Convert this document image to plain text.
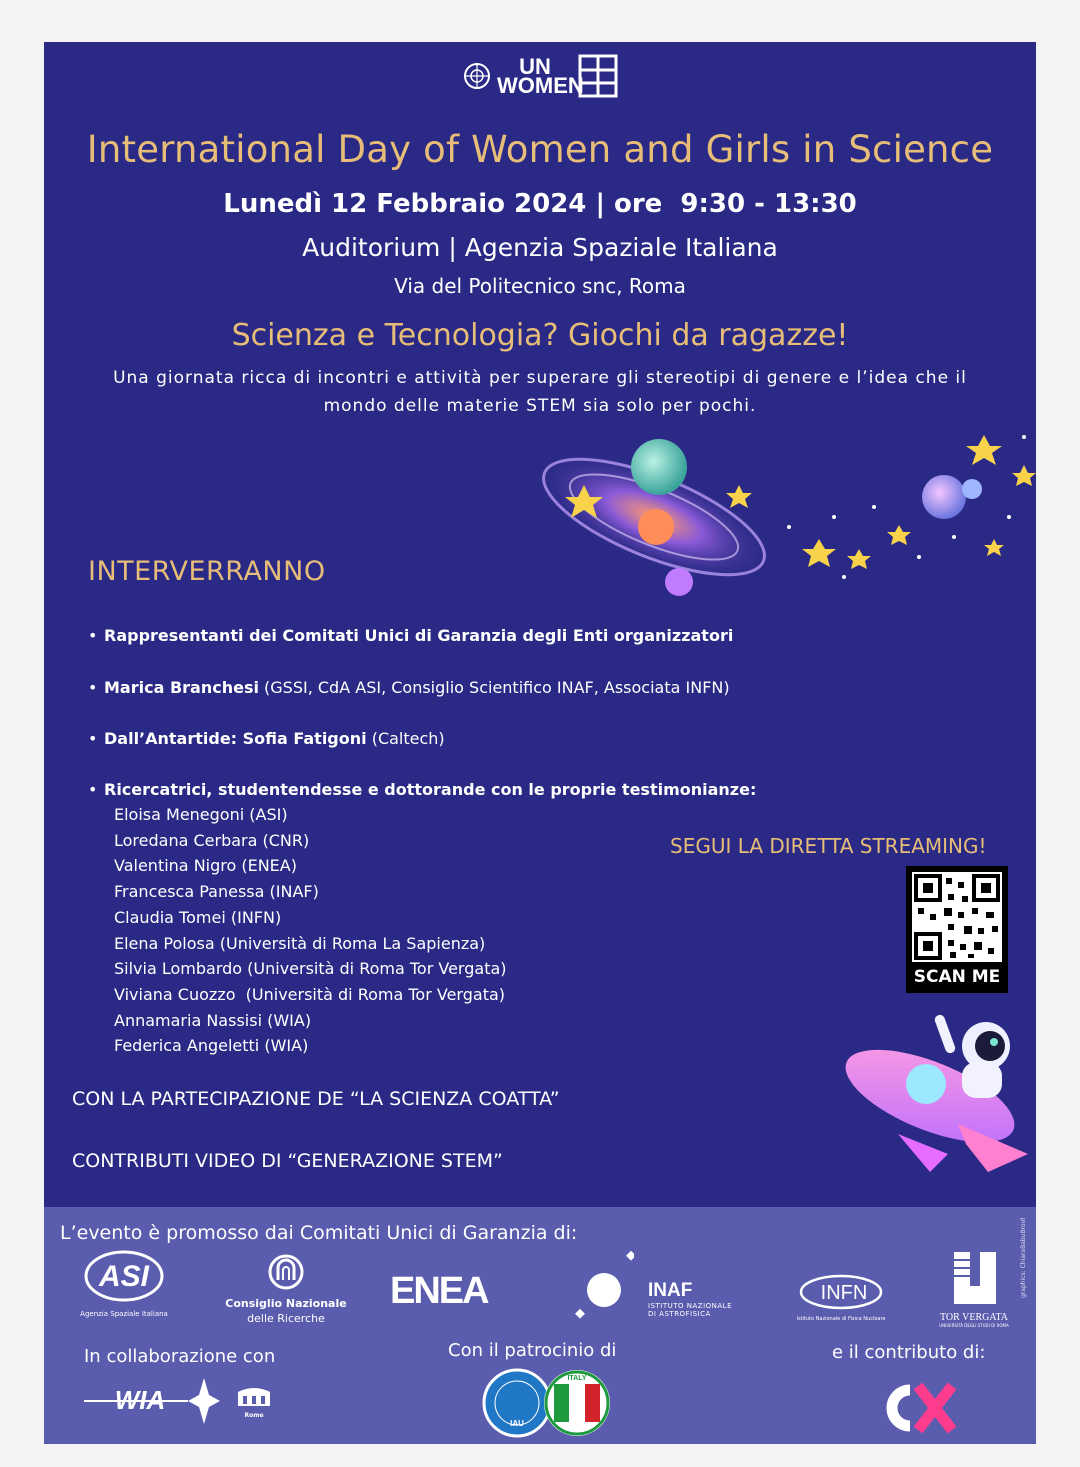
UN WOMEN
International Day of Women and Girls in Science
Lunedì 12 Febbraio 2024 | ore  9:30 - 13:30
Auditorium | Agenzia Spaziale Italiana
Via del Politecnico snc, Roma
Scienza e Tecnologia? Giochi da ragazze!
Una giornata ricca di incontri e attività per superare gli stereotipi di genere e l’idea che il mondo delle materie STEM sia solo per pochi.
INTERVERRANNO
• Rappresentanti dei Comitati Unici di Garanzia degli Enti organizzatori
• Marica Branchesi (GSSI, CdA ASI, Consiglio Scientifico INAF, Associata INFN)
• Dall’Antartide: Sofia Fatigoni (Caltech)
• Ricercatrici, studentendesse e dottorande con le proprie testimonianze:
Eloisa Menegoni (ASI)
Loredana Cerbara (CNR)
Valentina Nigro (ENEA)
Francesca Panessa (INAF)
Claudia Tomei (INFN)
Elena Polosa (Università di Roma La Sapienza)
Silvia Lombardo (Università di Roma Tor Vergata)
Viviana Cuozzo  (Università di Roma Tor Vergata)
Annamaria Nassisi (WIA)
Federica Angeletti (WIA)
SEGUI LA DIRETTA STREAMING!
SCAN ME
CON LA PARTECIPAZIONE DE “LA SCIENZA COATTA”
CONTRIBUTI VIDEO DI “GENERAZIONE STEM”
L’evento è promosso dai Comitati Unici di Garanzia di:
ASI
Agenzia Spaziale Italiana
Consiglio Nazionale
delle Ricerche
ENEA	INAF
ISTITUTO NAZIONALE
DI ASTROFISICA
INFN
Istituto Nazionale di Fisica Nucleare	TOR VERGATA
UNIVERSITÀ DEGLI STUDI DI ROMA
graphics: ChiaraBabuBroof
In collaborazione con	Con il patrocinio di	e il contributo di:
WIA
Rome
IAU
ITALY
